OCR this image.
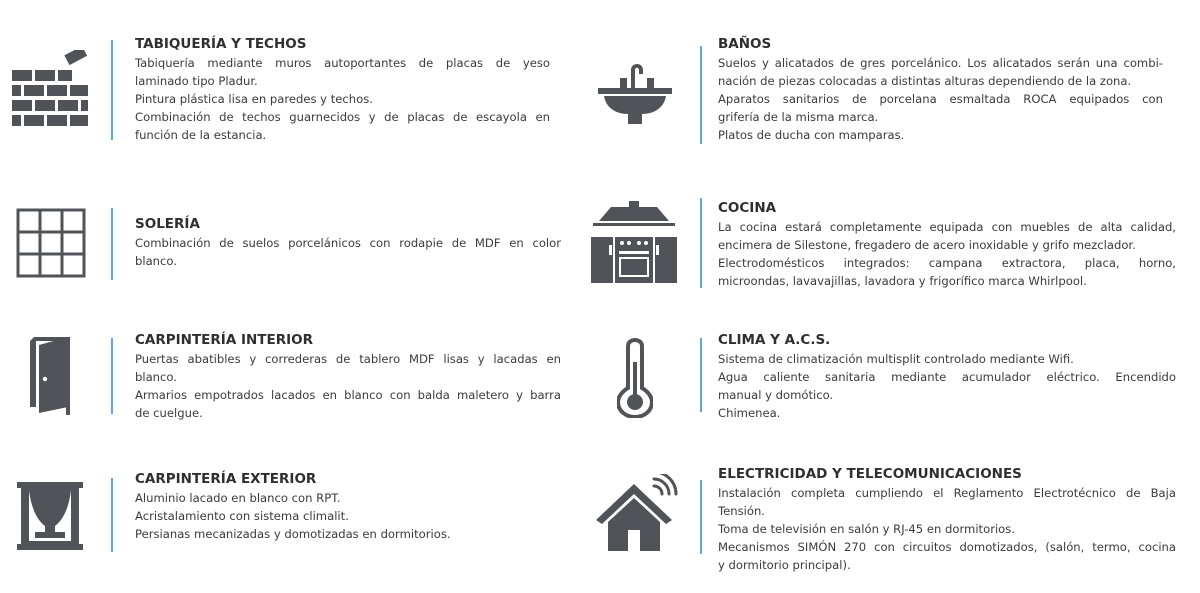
TABIQUERÍA Y TECHOS
Tabiquería mediante muros autoportantes de placas de yeso
laminado tipo Pladur.
Pintura plástica lisa en paredes y techos.
Combinación de techos guarnecidos y de placas de escayola en
función de la estancia.
SOLERÍA
Combinación de suelos porcelánicos con rodapie de MDF en color
blanco.
CARPINTERÍA INTERIOR
Puertas abatibles y correderas de tablero MDF lisas y lacadas en
blanco.
Armarios empotrados lacados en blanco con balda maletero y barra
de cuelgue.
CARPINTERÍA EXTERIOR
Aluminio lacado en blanco con RPT.
Acristalamiento con sistema climalit.
Persianas mecanizadas y domotizadas en dormitorios.
BAÑOS
Suelos y alicatados de gres porcelánico. Los alicatados serán una combi-
nación de piezas colocadas a distintas alturas dependiendo de la zona.
Aparatos sanitarios de porcelana esmaltada ROCA equipados con
grifería de la misma marca.
Platos de ducha con mamparas.
COCINA
La cocina estará completamente equipada con muebles de alta calidad,
encimera de Silestone, fregadero de acero inoxidable y grifo mezclador.
Electrodomésticos integrados: campana extractora, placa, horno,
microondas, lavavajillas, lavadora y frigorífico marca Whirlpool.
CLIMA Y A.C.S.
Sistema de climatización multisplit controlado mediante Wifi.
Agua caliente sanitaria mediante acumulador eléctrico. Encendido
manual y domótico.
Chimenea.
ELECTRICIDAD Y TELECOMUNICACIONES
Instalación completa cumpliendo el Reglamento Electrotécnico de Baja
Tensión.
Toma de televisión en salón y RJ-45 en dormitorios.
Mecanismos SIMÓN 270 con circuitos domotizados, (salón, termo, cocina
y dormitorio principal).
